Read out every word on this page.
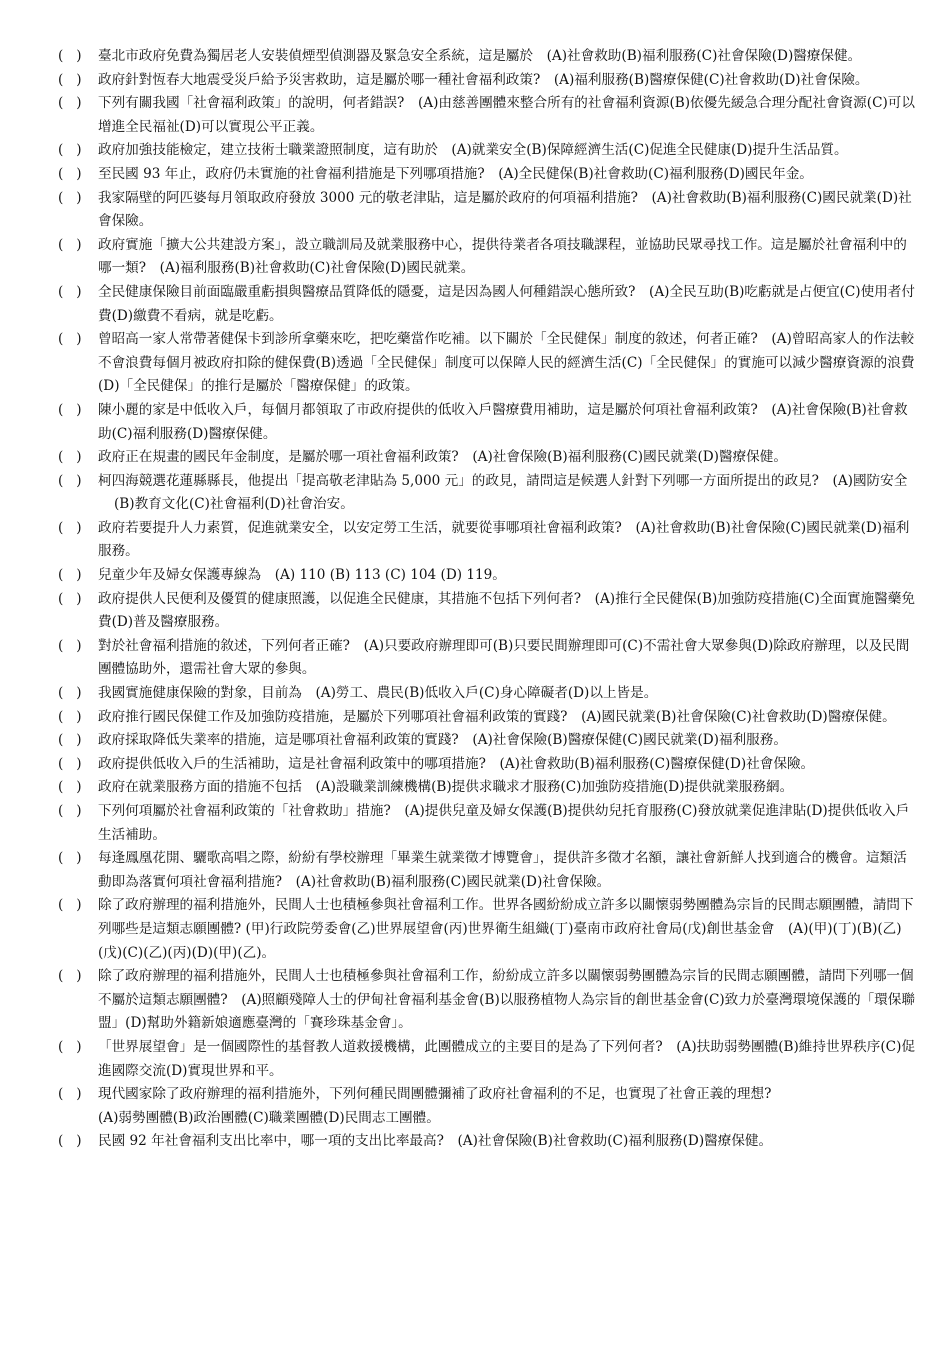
(   )	臺北市政府免費為獨居老人安裝偵煙型偵測器及緊急安全系統，這是屬於　(A)社會救助(B)福利服務(C)社會保險(D)醫療保健。
(   )	政府針對恆春大地震受災戶給予災害救助，這是屬於哪一種社會福利政策?　(A)福利服務(B)醫療保健(C)社會救助(D)社會保險。
(   )	下列有關我國「社會福利政策」的說明，何者錯誤?　(A)由慈善團體來整合所有的社會福利資源(B)依優先緩急合理分配社會資源(C)可以增進全民福祉(D)可以實現公平正義。
(   )	政府加強技能檢定，建立技術士職業證照制度，這有助於　(A)就業安全(B)保障經濟生活(C)促進全民健康(D)提升生活品質。
(   )	至民國 93 年止，政府仍未實施的社會福利措施是下列哪項措施?　(A)全民健保(B)社會救助(C)福利服務(D)國民年金。
(   )	我家隔壁的阿匹婆每月領取政府發放 3000 元的敬老津貼，這是屬於政府的何項福利措施?　(A)社會救助(B)福利服務(C)國民就業(D)社會保險。
(   )	政府實施「擴大公共建設方案」，設立職訓局及就業服務中心，提供待業者各項技職課程，並協助民眾尋找工作。這是屬於社會福利中的哪一類?　(A)福利服務(B)社會救助(C)社會保險(D)國民就業。
(   )	全民健康保險目前面臨嚴重虧損與醫療品質降低的隱憂，這是因為國人何種錯誤心態所致?　(A)全民互助(B)吃虧就是占便宜(C)使用者付費(D)繳費不看病，就是吃虧。
(   )	曾昭高一家人常帶著健保卡到診所拿藥來吃，把吃藥當作吃補。以下關於「全民健保」制度的敘述，何者正確?　(A)曾昭高家人的作法較不會浪費每個月被政府扣除的健保費(B)透過「全民健保」制度可以保障人民的經濟生活(C)「全民健保」的實施可以減少醫療資源的浪費(D)「全民健保」的推行是屬於「醫療保健」的政策。
(   )	陳小麗的家是中低收入戶，每個月都領取了市政府提供的低收入戶醫療費用補助，這是屬於何項社會福利政策?　(A)社會保險(B)社會救助(C)福利服務(D)醫療保健。
(   )	政府正在規畫的國民年金制度，是屬於哪一項社會福利政策?　(A)社會保險(B)福利服務(C)國民就業(D)醫療保健。
(   )	柯四海競選花蓮縣縣長，他提出「提高敬老津貼為 5,000 元」的政見，請問這是候選人針對下列哪一方面所提出的政見?　(A)國防安全(B)教育文化(C)社會福利(D)社會治安。
(   )	政府若要提升人力素質，促進就業安全，以安定勞工生活，就要從事哪項社會福利政策?　(A)社會救助(B)社會保險(C)國民就業(D)福利服務。
(   )	兒童少年及婦女保護專線為　(A) 110 (B) 113 (C) 104 (D) 119。
(   )	政府提供人民便利及優質的健康照護，以促進全民健康，其措施不包括下列何者?　(A)推行全民健保(B)加強防疫措施(C)全面實施醫藥免費(D)普及醫療服務。
(   )	對於社會福利措施的敘述，下列何者正確?　(A)只要政府辦理即可(B)只要民間辦理即可(C)不需社會大眾參與(D)除政府辦理，以及民間團體協助外，還需社會大眾的參與。
(   )	我國實施健康保險的對象，目前為　(A)勞工、農民(B)低收入戶(C)身心障礙者(D)以上皆是。
(   )	政府推行國民保健工作及加強防疫措施，是屬於下列哪項社會福利政策的實踐?　(A)國民就業(B)社會保險(C)社會救助(D)醫療保健。
(   )	政府採取降低失業率的措施，這是哪項社會福利政策的實踐?　(A)社會保險(B)醫療保健(C)國民就業(D)福利服務。
(   )	政府提供低收入戶的生活補助，這是社會福利政策中的哪項措施?　(A)社會救助(B)福利服務(C)醫療保健(D)社會保險。
(   )	政府在就業服務方面的措施不包括　(A)設職業訓練機構(B)提供求職求才服務(C)加強防疫措施(D)提供就業服務網。
(   )	下列何項屬於社會福利政策的「社會救助」措施?　(A)提供兒童及婦女保護(B)提供幼兒托育服務(C)發放就業促進津貼(D)提供低收入戶生活補助。
(   )	每逢鳳凰花開、驪歌高唱之際，紛紛有學校辦理「畢業生就業徵才博覽會」，提供許多徵才名額，讓社會新鮮人找到適合的機會。這類活動即為落實何項社會福利措施?　(A)社會救助(B)福利服務(C)國民就業(D)社會保險。
(   )	除了政府辦理的福利措施外，民間人士也積極參與社會福利工作。世界各國紛紛成立許多以關懷弱勢團體為宗旨的民間志願團體，請問下列哪些是這類志願團體? (甲)行政院勞委會(乙)世界展望會(丙)世界衛生組織(丁)臺南市政府社會局(戊)創世基金會　(A)(甲)(丁)(B)(乙)(戊)(C)(乙)(丙)(D)(甲)(乙)。
(   )	除了政府辦理的福利措施外，民間人士也積極參與社會福利工作，紛紛成立許多以關懷弱勢團體為宗旨的民間志願團體，請問下列哪一個不屬於這類志願團體?　(A)照顧殘障人士的伊甸社會福利基金會(B)以服務植物人為宗旨的創世基金會(C)致力於臺灣環境保護的「環保聯盟」(D)幫助外籍新娘適應臺灣的「賽珍珠基金會」。
(   )	「世界展望會」是一個國際性的基督教人道救援機構，此團體成立的主要目的是為了下列何者?　(A)扶助弱勢團體(B)維持世界秩序(C)促進國際交流(D)實現世界和平。
(   )	現代國家除了政府辦理的福利措施外，下列何種民間團體彌補了政府社會福利的不足，也實現了社會正義的理想?
(A)弱勢團體(B)政治團體(C)職業團體(D)民間志工團體。
(   )	民國 92 年社會福利支出比率中，哪一項的支出比率最高?　(A)社會保險(B)社會救助(C)福利服務(D)醫療保健。
